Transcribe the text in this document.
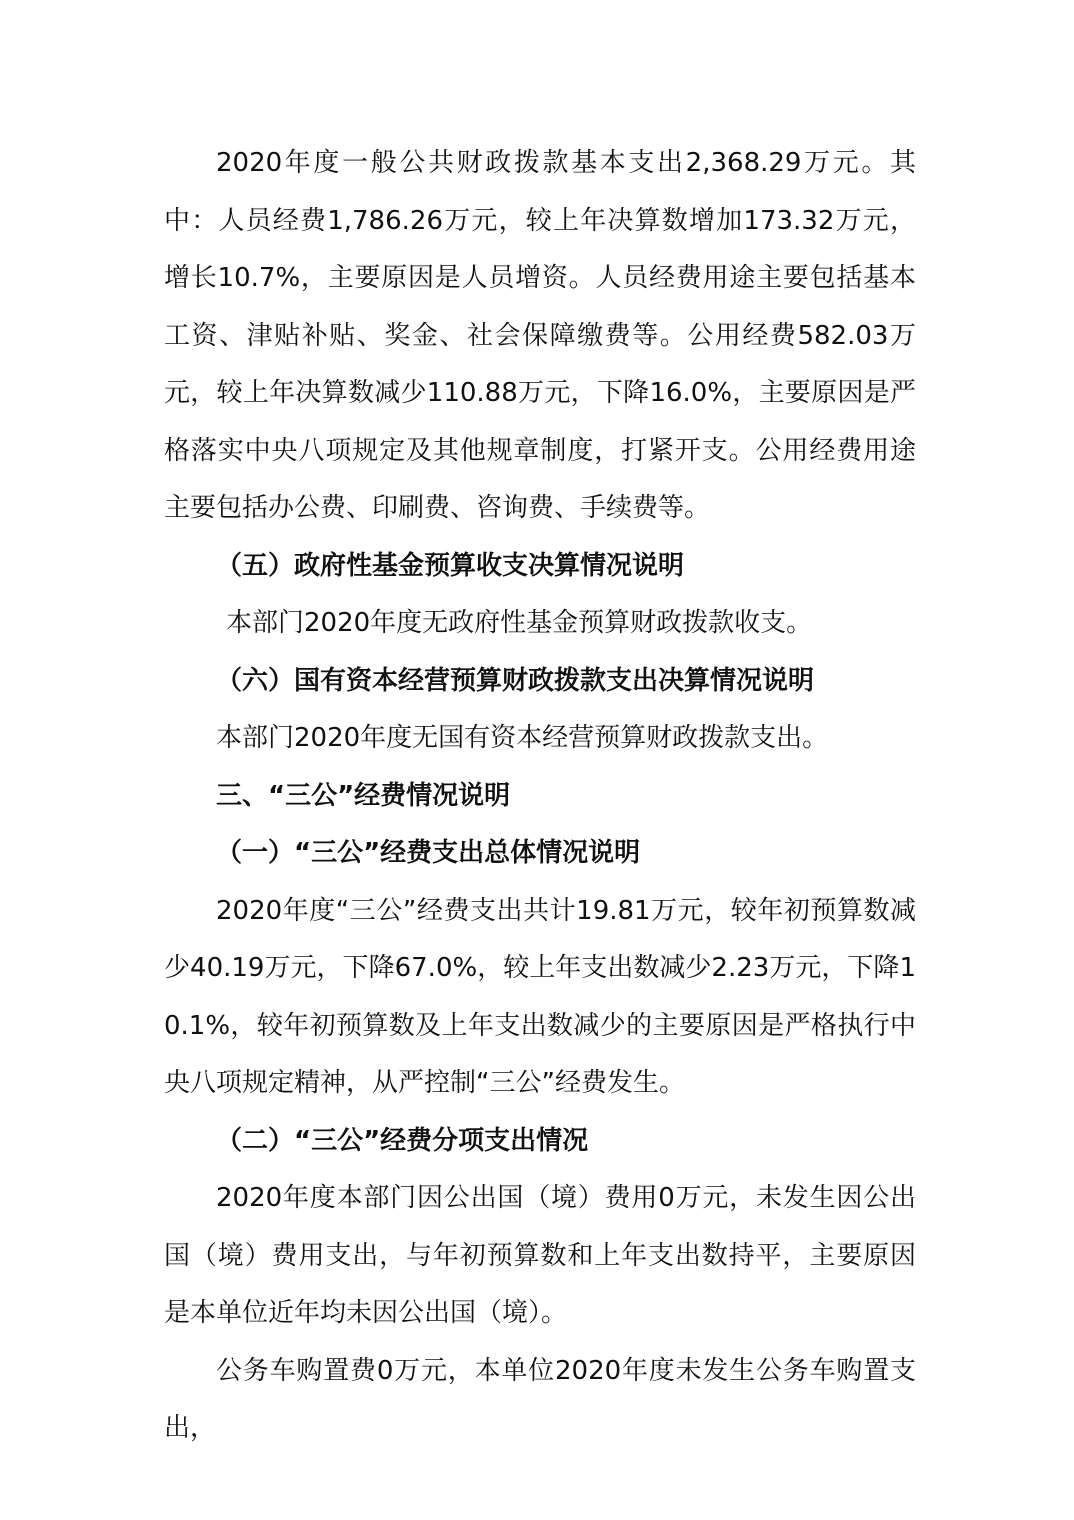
2020年度一般公共财政拨款基本支出2,368.29万元。其中：人员经费1,786.26万元，较上年决算数增加173.32万元，增长10.7%，主要原因是人员增资。人员经费用途主要包括基本工资、津贴补贴、奖金、社会保障缴费等。公用经费582.03万元，较上年决算数减少110.88万元，下降16.0%，主要原因是严格落实中央八项规定及其他规章制度，打紧开支。公用经费用途主要包括办公费、印刷费、咨询费、手续费等。

（五）政府性基金预算收支决算情况说明

本部门2020年度无政府性基金预算财政拨款收支。

（六）国有资本经营预算财政拨款支出决算情况说明

本部门2020年度无国有资本经营预算财政拨款支出。

三、“三公”经费情况说明

（一）“三公”经费支出总体情况说明

2020年度“三公”经费支出共计19.81万元，较年初预算数减少40.19万元，下降67.0%，较上年支出数减少2.23万元，下降10.1%，较年初预算数及上年支出数减少的主要原因是严格执行中央八项规定精神，从严控制“三公”经费发生。

（二）“三公”经费分项支出情况

2020年度本部门因公出国（境）费用0万元，未发生因公出国（境）费用支出，与年初预算数和上年支出数持平，主要原因是本单位近年均未因公出国（境）。

公务车购置费0万元，本单位2020年度未发生公务车购置支出，
